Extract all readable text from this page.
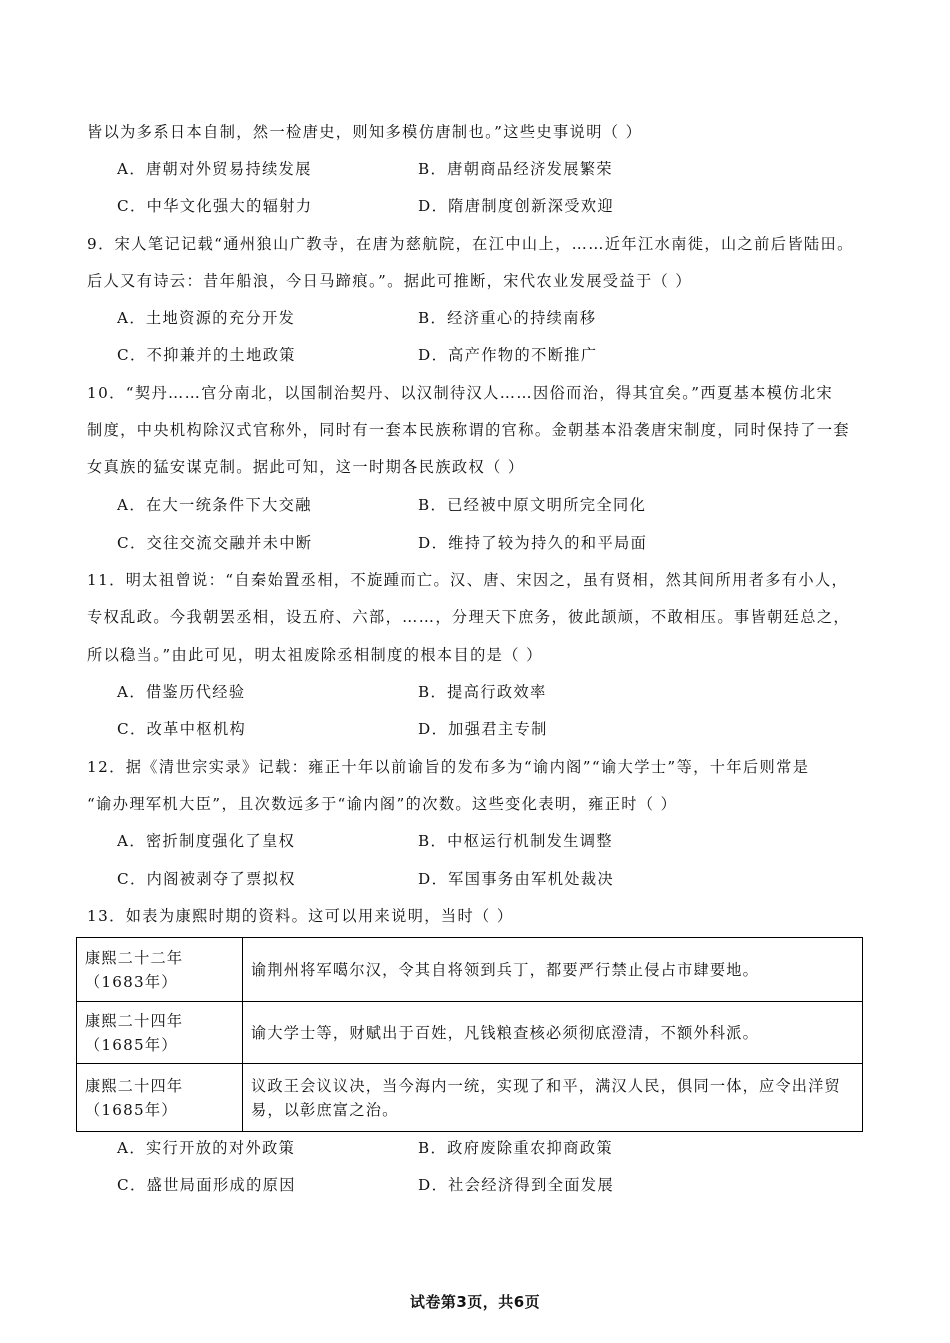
皆以为多系日本自制，然一检唐史，则知多模仿唐制也。”这些史事说明（ ）
A．唐朝对外贸易持续发展	B．唐朝商品经济发展繁荣
C．中华文化强大的辐射力	D．隋唐制度创新深受欢迎
9．宋人笔记记载“通州狼山广教寺，在唐为慈航院，在江中山上，……近年江水南徙，山之前后皆陆田。
后人又有诗云：昔年船浪，今日马蹄痕。”。据此可推断，宋代农业发展受益于（ ）
A．土地资源的充分开发	B．经济重心的持续南移
C．不抑兼并的土地政策	D．高产作物的不断推广
10．“契丹……官分南北，以国制治契丹、以汉制待汉人……因俗而治，得其宜矣。”西夏基本模仿北宋
制度，中央机构除汉式官称外，同时有一套本民族称谓的官称。金朝基本沿袭唐宋制度，同时保持了一套
女真族的猛安谋克制。据此可知，这一时期各民族政权（ ）
A．在大一统条件下大交融	B．已经被中原文明所完全同化
C．交往交流交融并未中断	D．维持了较为持久的和平局面
11．明太祖曾说：“自秦始置丞相，不旋踵而亡。汉、唐、宋因之，虽有贤相，然其间所用者多有小人，
专权乱政。今我朝罢丞相，设五府、六部，……，分理天下庶务，彼此颉颃，不敢相压。事皆朝廷总之，
所以稳当。”由此可见，明太祖废除丞相制度的根本目的是（ ）
A．借鉴历代经验	B．提高行政效率
C．改革中枢机构	D．加强君主专制
12．据《清世宗实录》记载：雍正十年以前谕旨的发布多为“谕内阁”“谕大学士”等，十年后则常是
“谕办理军机大臣”，且次数远多于“谕内阁”的次数。这些变化表明，雍正时（ ）
A．密折制度强化了皇权	B．中枢运行机制发生调整
C．内阁被剥夺了票拟权	D．军国事务由军机处裁决
13．如表为康熙时期的资料。这可以用来说明，当时（ ）
康熙二十二年（1683年）	谕荆州将军噶尔汉，令其自将领到兵丁，都要严行禁止侵占市肆要地。
康熙二十四年（1685年）	谕大学士等，财赋出于百姓，凡钱粮查核必须彻底澄清，不额外科派。
康熙二十四年（1685年）	议政王会议议决，当今海内一统，实现了和平，满汉人民，俱同一体，应令出洋贸易，以彰庶富之治。
A．实行开放的对外政策	B．政府废除重农抑商政策
C．盛世局面形成的原因	D．社会经济得到全面发展
试卷第3页，共6页
